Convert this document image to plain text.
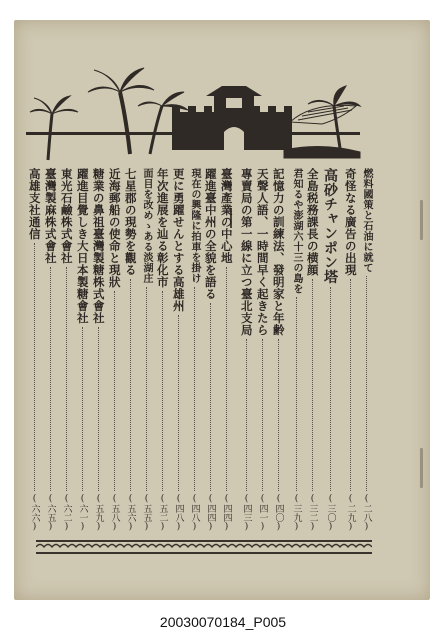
燃料國策と石油に就て
( 二八 )
奇怪なる廣告の出現
( 二九 )
高砂チャンポン塔
( 三〇 )
全島税務課長の横顔
( 三二 )
君知るや澎湖六十三の島を
( 三九 )
記憶力の訓練法、發明家と年齢
( 四〇 )
天聲人語、一時間早く起きたら
( 四一 )
專賣局の第一線に立つ臺北支局
( 四三 )
臺灣產業の中心地
( 四四 )
躍進臺中州の全貌を語る
( 四四 )
現在の興隆に拍車を掛け
( 四八 )
更に勇躍せんとする高雄州
( 四八 )
年次進展を辿る彰化市
( 五二 )
面目を改めゝある淡湖庄
( 五五 )
七星郡の現勢を觀る
( 五六 )
近海郵船の使命と現狀
( 五八 )
糖業の鼻祖臺灣製糖株式會社
( 五九 )
躍進目覺しき大日本製糖會社
( 六一 )
東光石鹼株式會社
( 六二 )
臺灣製麻株式會社
( 六五 )
高雄支社通信
( 六六 )
20030070184_P005
